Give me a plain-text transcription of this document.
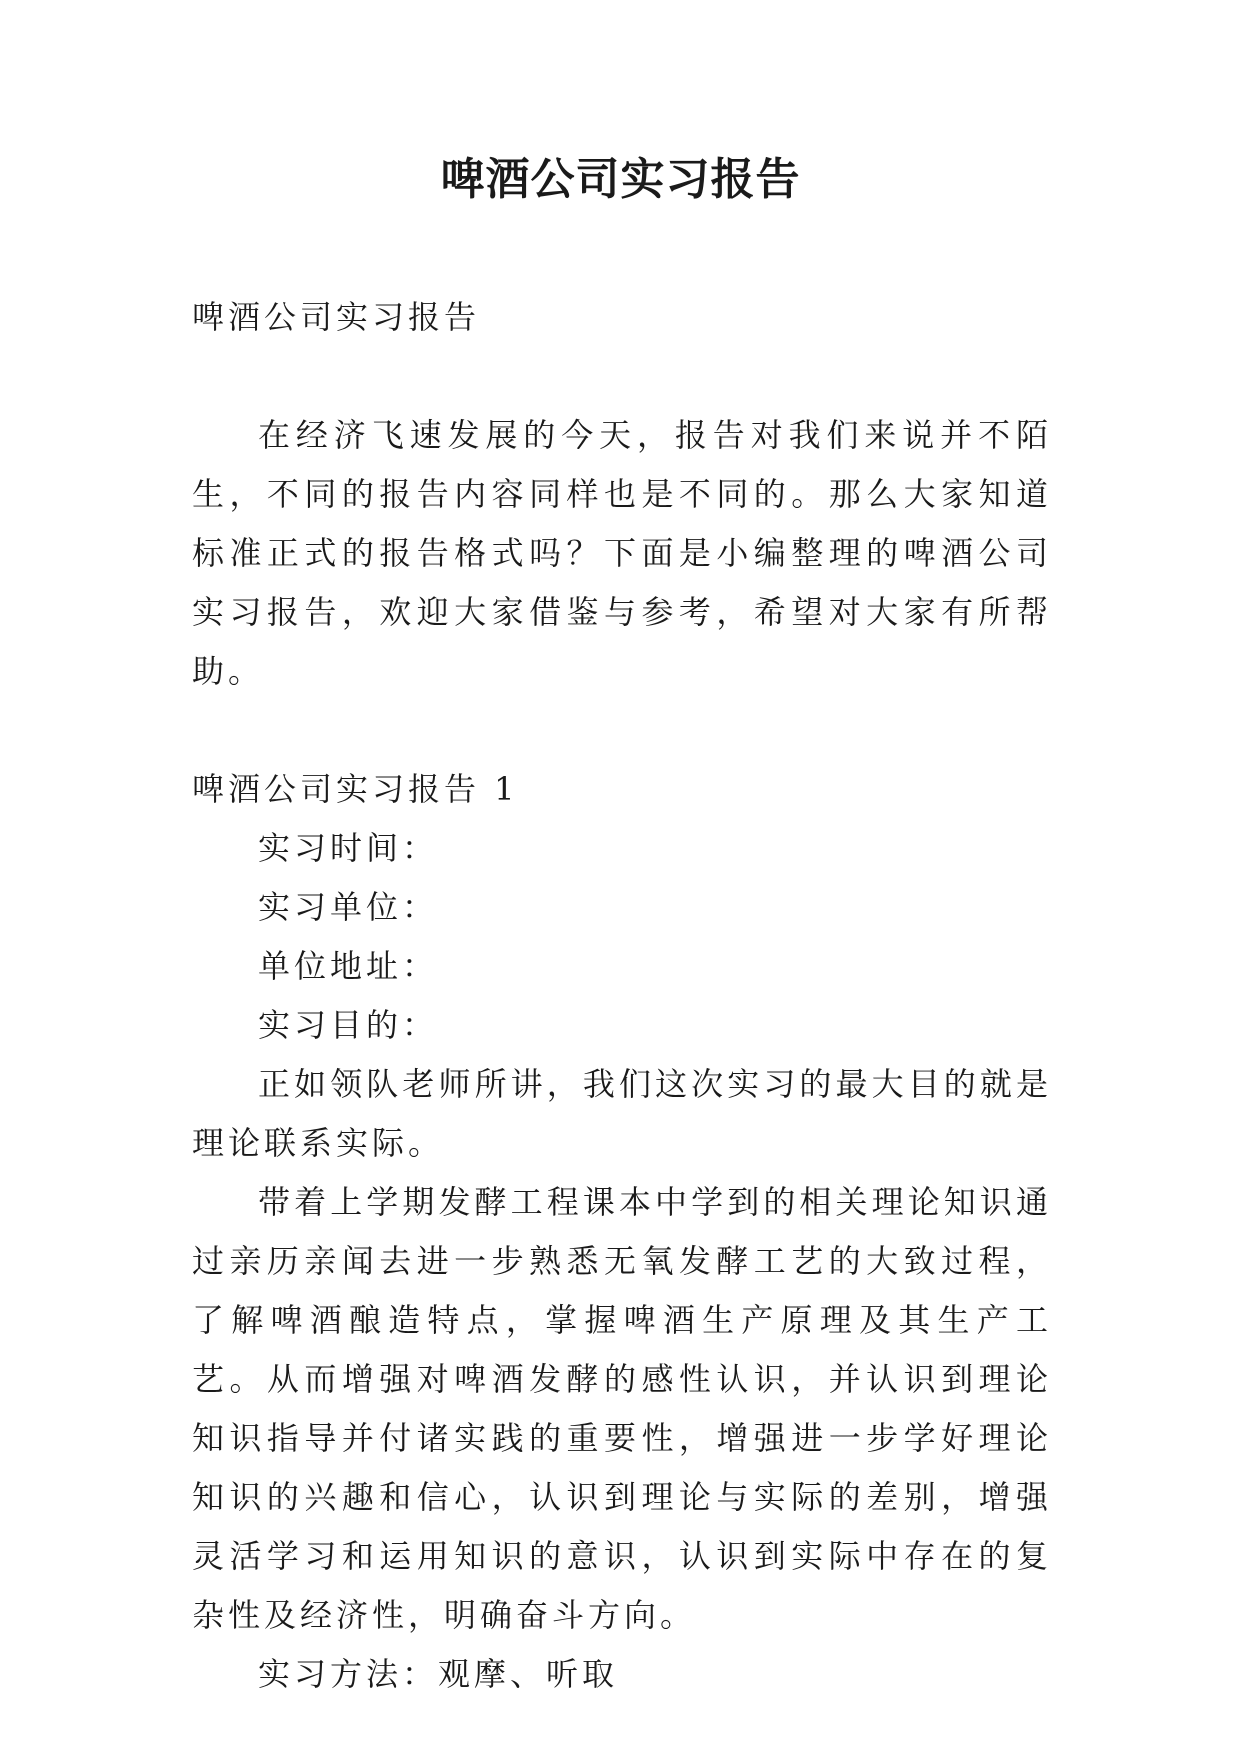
啤酒公司实习报告

啤酒公司实习报告

在经济飞速发展的今天，报告对我们来说并不陌生，不同的报告内容同样也是不同的。那么大家知道标准正式的报告格式吗？下面是小编整理的啤酒公司实习报告，欢迎大家借鉴与参考，希望对大家有所帮助。

啤酒公司实习报告 1

实习时间：

实习单位：

单位地址：

实习目的：

正如领队老师所讲，我们这次实习的最大目的就是理论联系实际。

带着上学期发酵工程课本中学到的相关理论知识通过亲历亲闻去进一步熟悉无氧发酵工艺的大致过程，了解啤酒酿造特点，掌握啤酒生产原理及其生产工艺。从而增强对啤酒发酵的感性认识，并认识到理论知识指导并付诸实践的重要性，增强进一步学好理论知识的兴趣和信心，认识到理论与实际的差别，增强灵活学习和运用知识的意识，认识到实际中存在的复杂性及经济性，明确奋斗方向。

实习方法：观摩、听取
